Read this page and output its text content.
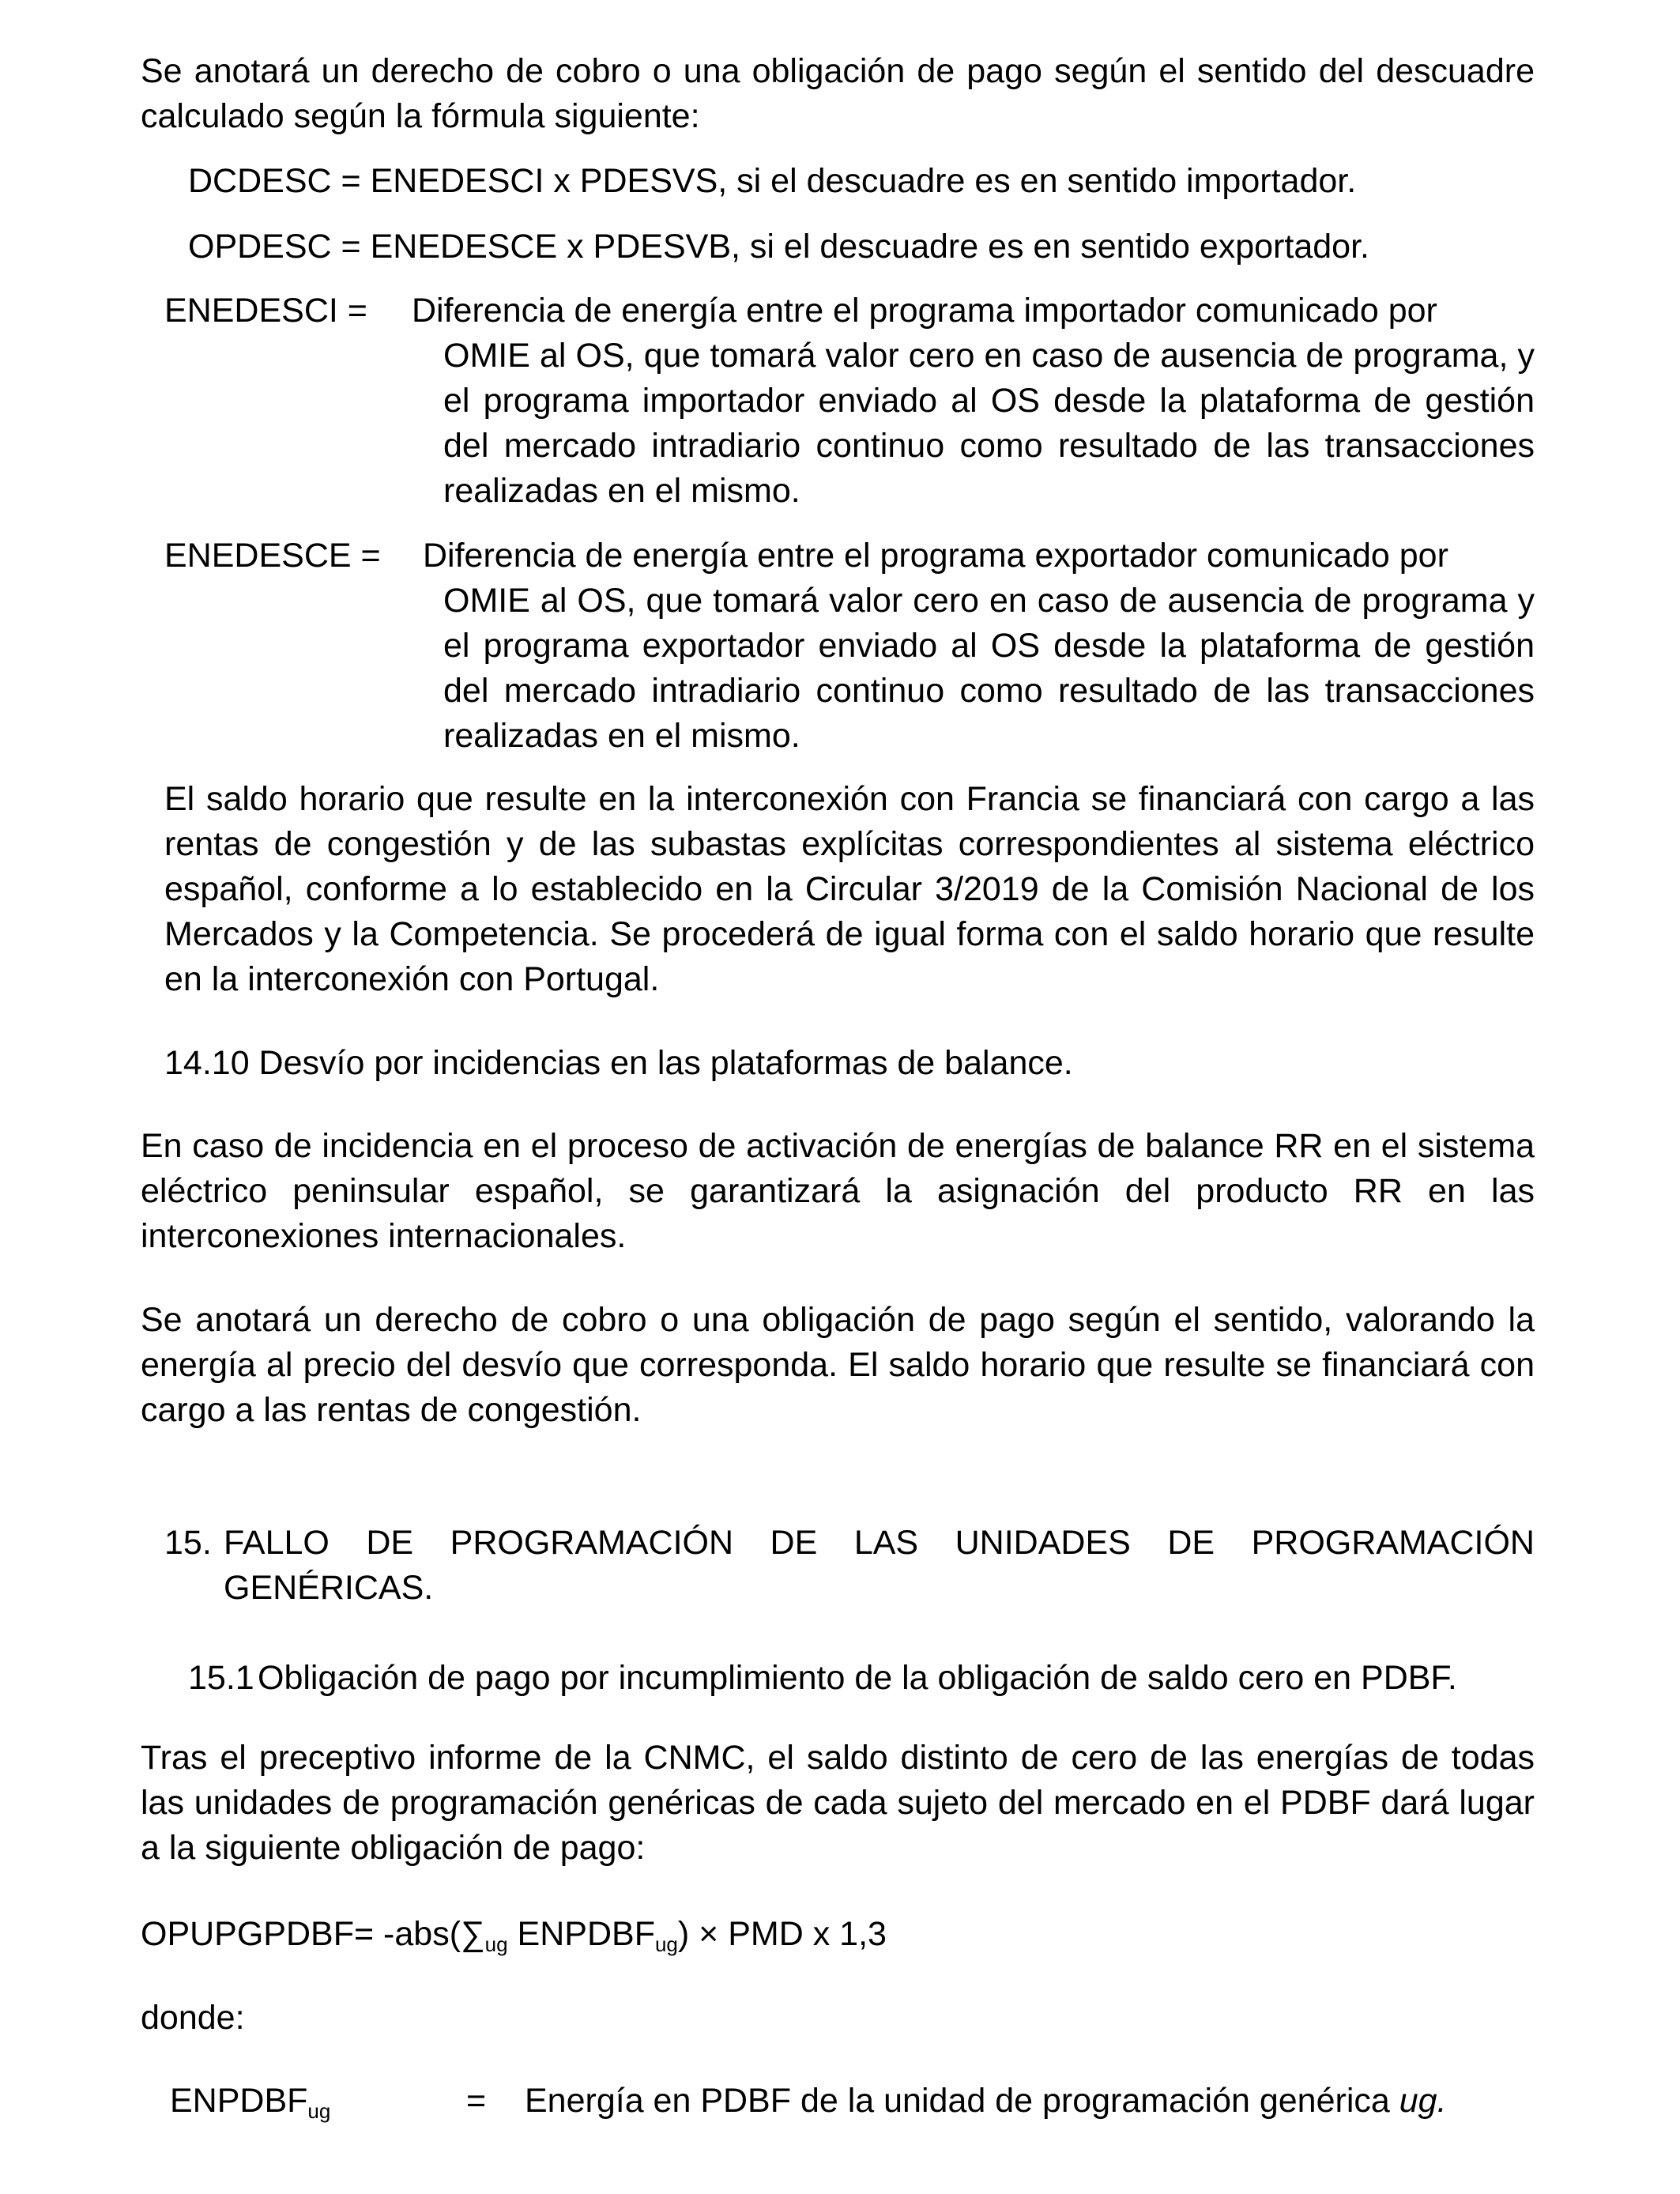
Se anotará un derecho de cobro o una obligación de pago según el sentido del descuadre calculado según la fórmula siguiente:
DCDESC = ENEDESCI x PDESVS, si el descuadre es en sentido importador.
OPDESC = ENEDESCE x PDESVB, si el descuadre es en sentido exportador.
ENEDESCI = Diferencia de energía entre el programa importador comunicado por
OMIE al OS, que tomará valor cero en caso de ausencia de programa, y el programa importador enviado al OS desde la plataforma de gestión del mercado intradiario continuo como resultado de las transacciones realizadas en el mismo.
ENEDESCE = Diferencia de energía entre el programa exportador comunicado por
OMIE al OS, que tomará valor cero en caso de ausencia de programa y el programa exportador enviado al OS desde la plataforma de gestión del mercado intradiario continuo como resultado de las transacciones realizadas en el mismo.
El saldo horario que resulte en la interconexión con Francia se financiará con cargo a las rentas de congestión y de las subastas explícitas correspondientes al sistema eléctrico español, conforme a lo establecido en la Circular 3/2019 de la Comisión Nacional de los Mercados y la Competencia. Se procederá de igual forma con el saldo horario que resulte en la interconexión con Portugal.
14.10 Desvío por incidencias en las plataformas de balance.
En caso de incidencia en el proceso de activación de energías de balance RR en el sistema eléctrico peninsular español, se garantizará la asignación del producto RR en las interconexiones internacionales.
Se anotará un derecho de cobro o una obligación de pago según el sentido, valorando la energía al precio del desvío que corresponda. El saldo horario que resulte se financiará con cargo a las rentas de congestión.
15. FALLO DE PROGRAMACIÓN DE LAS UNIDADES DE PROGRAMACIÓN GENÉRICAS.
15.1 Obligación de pago por incumplimiento de la obligación de saldo cero en PDBF.
Tras el preceptivo informe de la CNMC, el saldo distinto de cero de las energías de todas las unidades de programación genéricas de cada sujeto del mercado en el PDBF dará lugar a la siguiente obligación de pago:
OPUPGPDBF= $-abs(\sum_{ug}$ $ENPDBF_{ug}$) × PMD x 1,3
donde:
$ENPDBF_{ug}$	= Energía en PDBF de la unidad de programación genérica ug.
